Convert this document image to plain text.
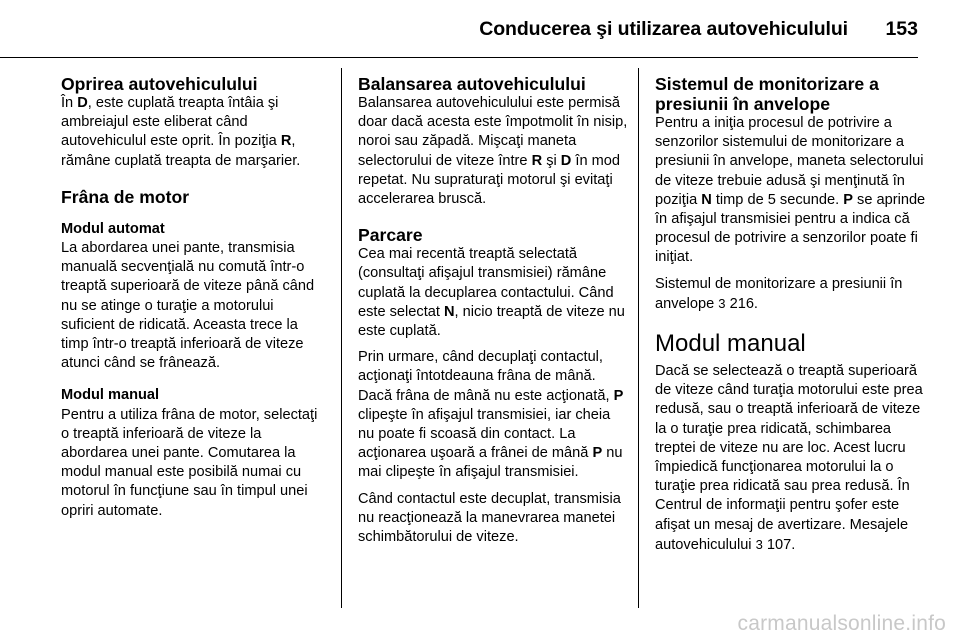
Conducerea şi utilizarea autovehiculului 153
Oprirea autovehiculului

În D, este cuplată treapta întâia şi ambreiajul este eliberat când autovehiculul este oprit. În poziţia R, rămâne cuplată treapta de marşarier.

Frâna de motor
Modul automat

La abordarea unei pante, transmisia manuală secvenţială nu comută într-o treaptă superioară de viteze până când nu se atinge o turaţie a motorului suficient de ridicată. Aceasta trece la timp într-o treaptă inferioară de viteze atunci când se frânează.

Modul manual

Pentru a utiliza frâna de motor, selectaţi o treaptă inferioară de viteze la abordarea unei pante. Comutarea la modul manual este posibilă numai cu motorul în funcţiune sau în timpul unei opriri automate.

Balansarea autovehiculului

Balansarea autovehiculului este permisă doar dacă acesta este împotmolit în nisip, noroi sau zăpadă. Mişcaţi maneta selectorului de viteze între R şi D în mod repetat. Nu supraturaţi motorul şi evitaţi accelerarea bruscă.

Parcare

Cea mai recentă treaptă selectată (consultaţi afişajul transmisiei) rămâne cuplată la decuplarea contactului. Când este selectat N, nicio treaptă de viteze nu este cuplată.

Prin urmare, când decuplaţi contactul, acţionaţi întotdeauna frâna de mână. Dacă frâna de mână nu este acţionată, P clipeşte în afişajul transmisiei, iar cheia nu poate fi scoasă din contact. La acţionarea uşoară a frânei de mână P nu mai clipeşte în afişajul transmisiei.

Când contactul este decuplat, transmisia nu reacţionează la manevrarea manetei schimbătorului de viteze.

Sistemul de monitorizare a presiunii în anvelope

Pentru a iniţia procesul de potrivire a senzorilor sistemului de monitorizare a presiunii în anvelope, maneta selectorului de viteze trebuie adusă şi menţinută în poziţia N timp de 5 secunde. P se aprinde în afişajul transmisiei pentru a indica că procesul de potrivire a senzorilor poate fi iniţiat.

Sistemul de monitorizare a presiunii în anvelope 3 216.

Modul manual

Dacă se selectează o treaptă superioară de viteze când turaţia motorului este prea redusă, sau o treaptă inferioară de viteze la o turaţie prea ridicată, schimbarea treptei de viteze nu are loc. Acest lucru împiedică funcţionarea motorului la o turaţie prea ridicată sau prea redusă. În Centrul de informaţii pentru şofer este afişat un mesaj de avertizare. Mesajele autovehiculului 3 107.

carmanualsonline.info
